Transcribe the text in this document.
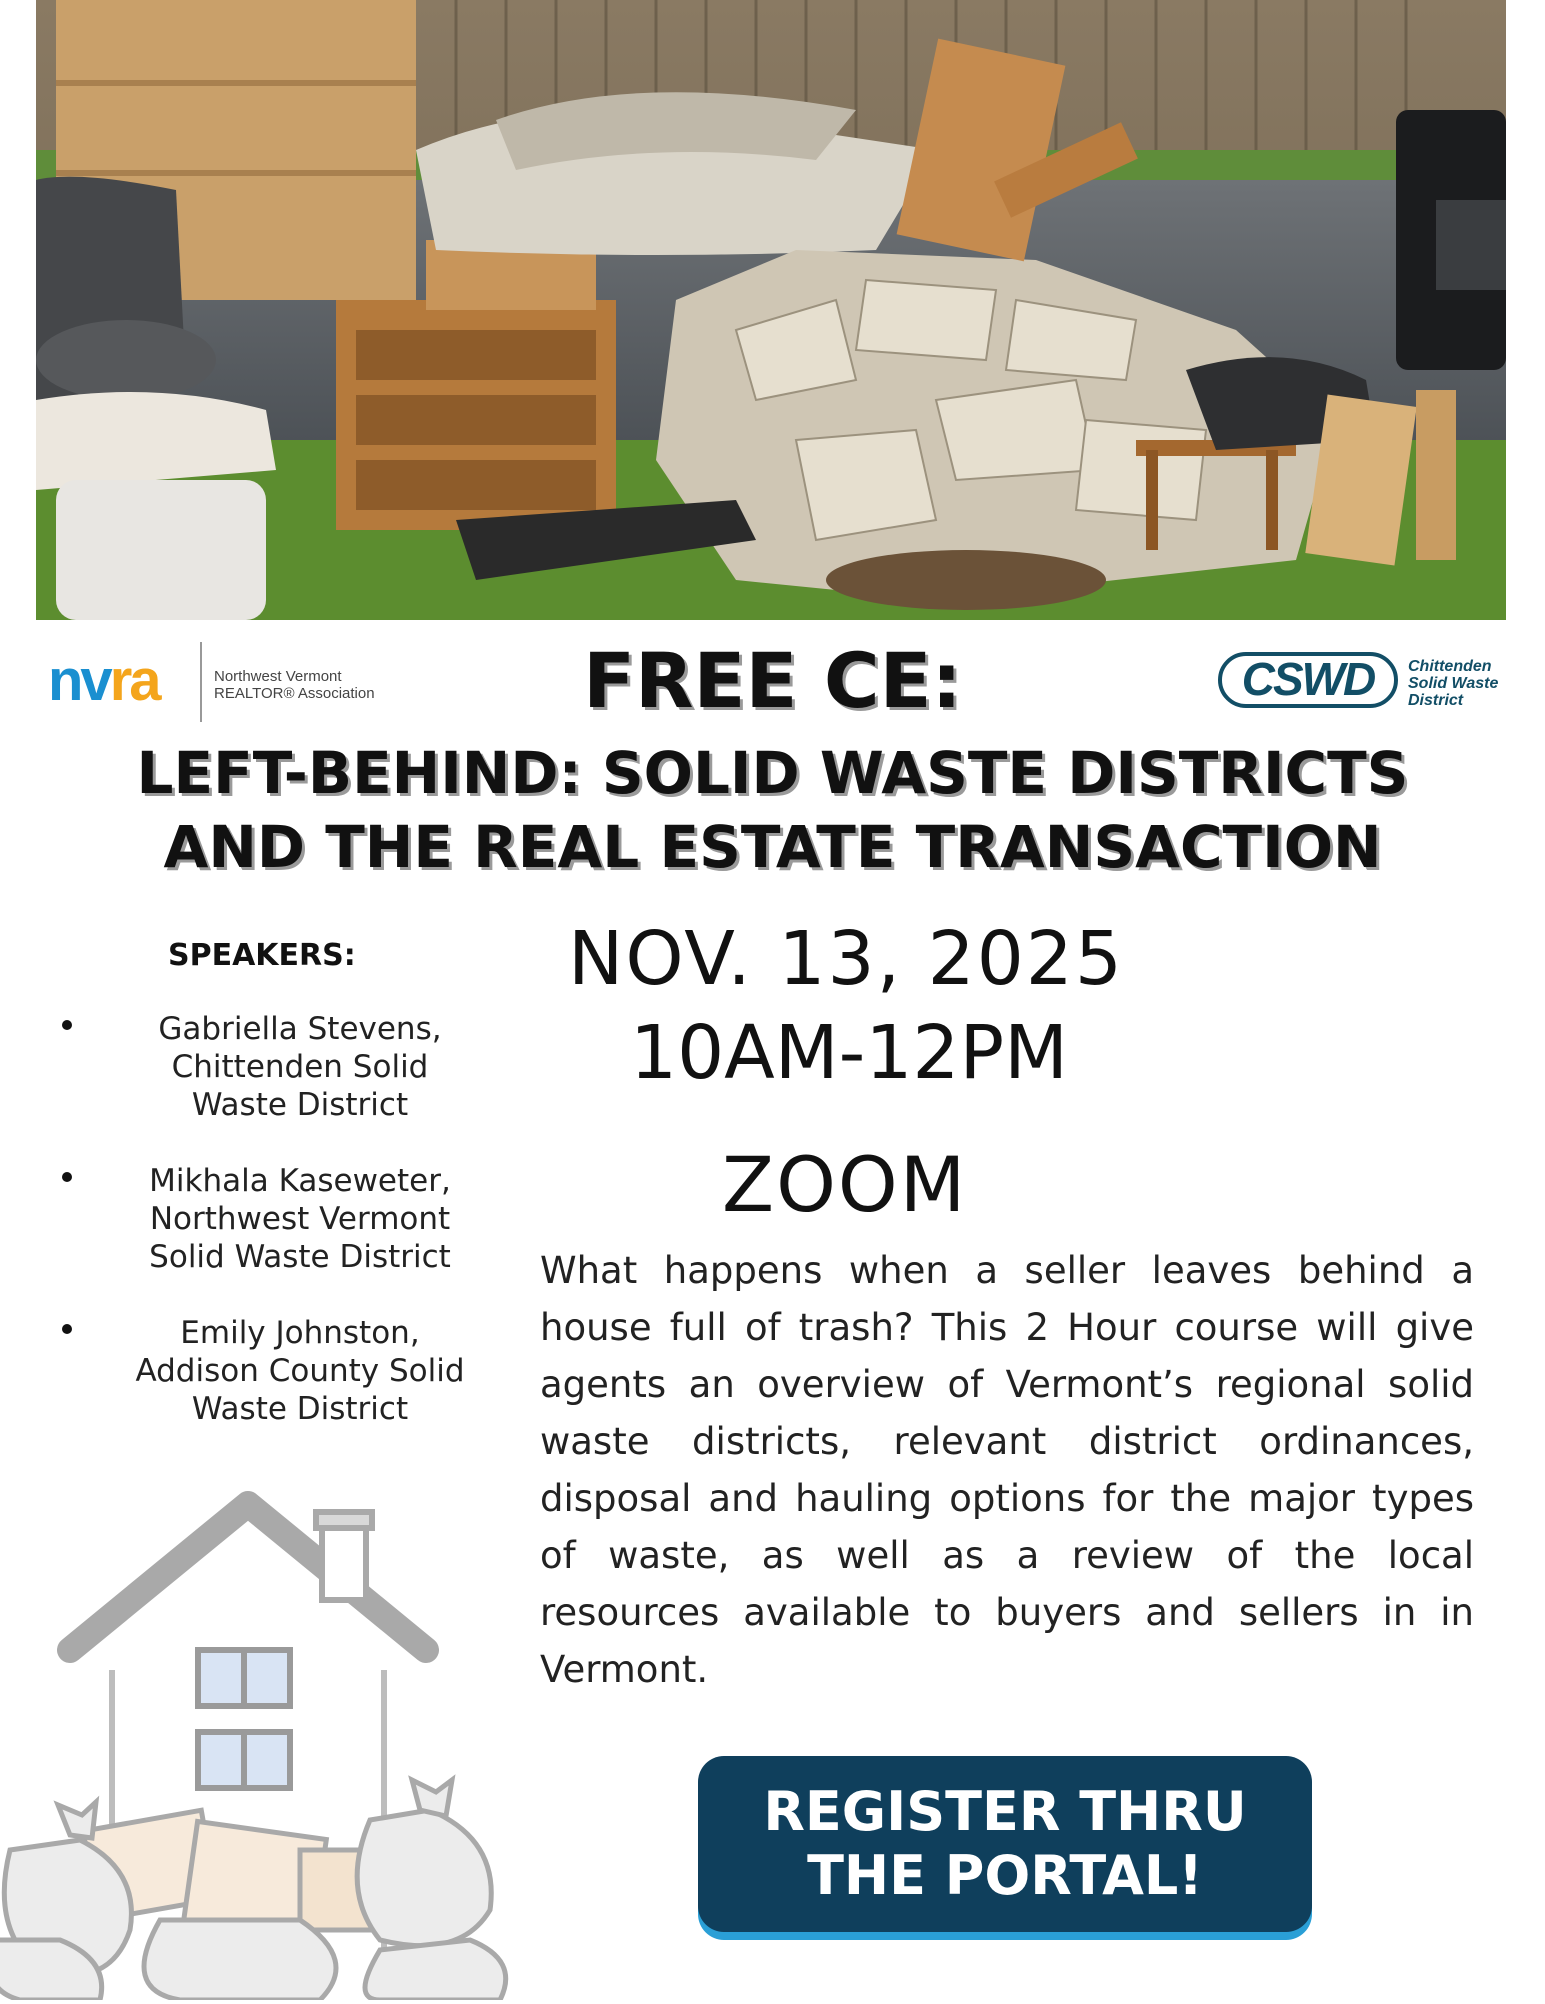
nvra	Northwest Vermont
REALTOR® Association	CSWD Chittenden
Solid Waste
District
FREE CE:
LEFT-BEHIND: SOLID WASTE DISTRICTS
AND THE REAL ESTATE TRANSACTION
SPEAKERS:
Gabriella Stevens,
Chittenden Solid
Waste District
Mikhala Kaseweter,
Northwest Vermont
Solid Waste District
Emily Johnston,
Addison County Solid
Waste District
NOV. 13, 2025
10AM-12PM
ZOOM
What happens when a seller leaves behind a house full of trash? This 2 Hour course will give agents an overview of Vermont’s regional solid waste districts, relevant district ordinances, disposal and hauling options for the major types of waste, as well as a review of the local resources available to buyers and sellers in in Vermont.
REGISTER THRU
THE PORTAL!
